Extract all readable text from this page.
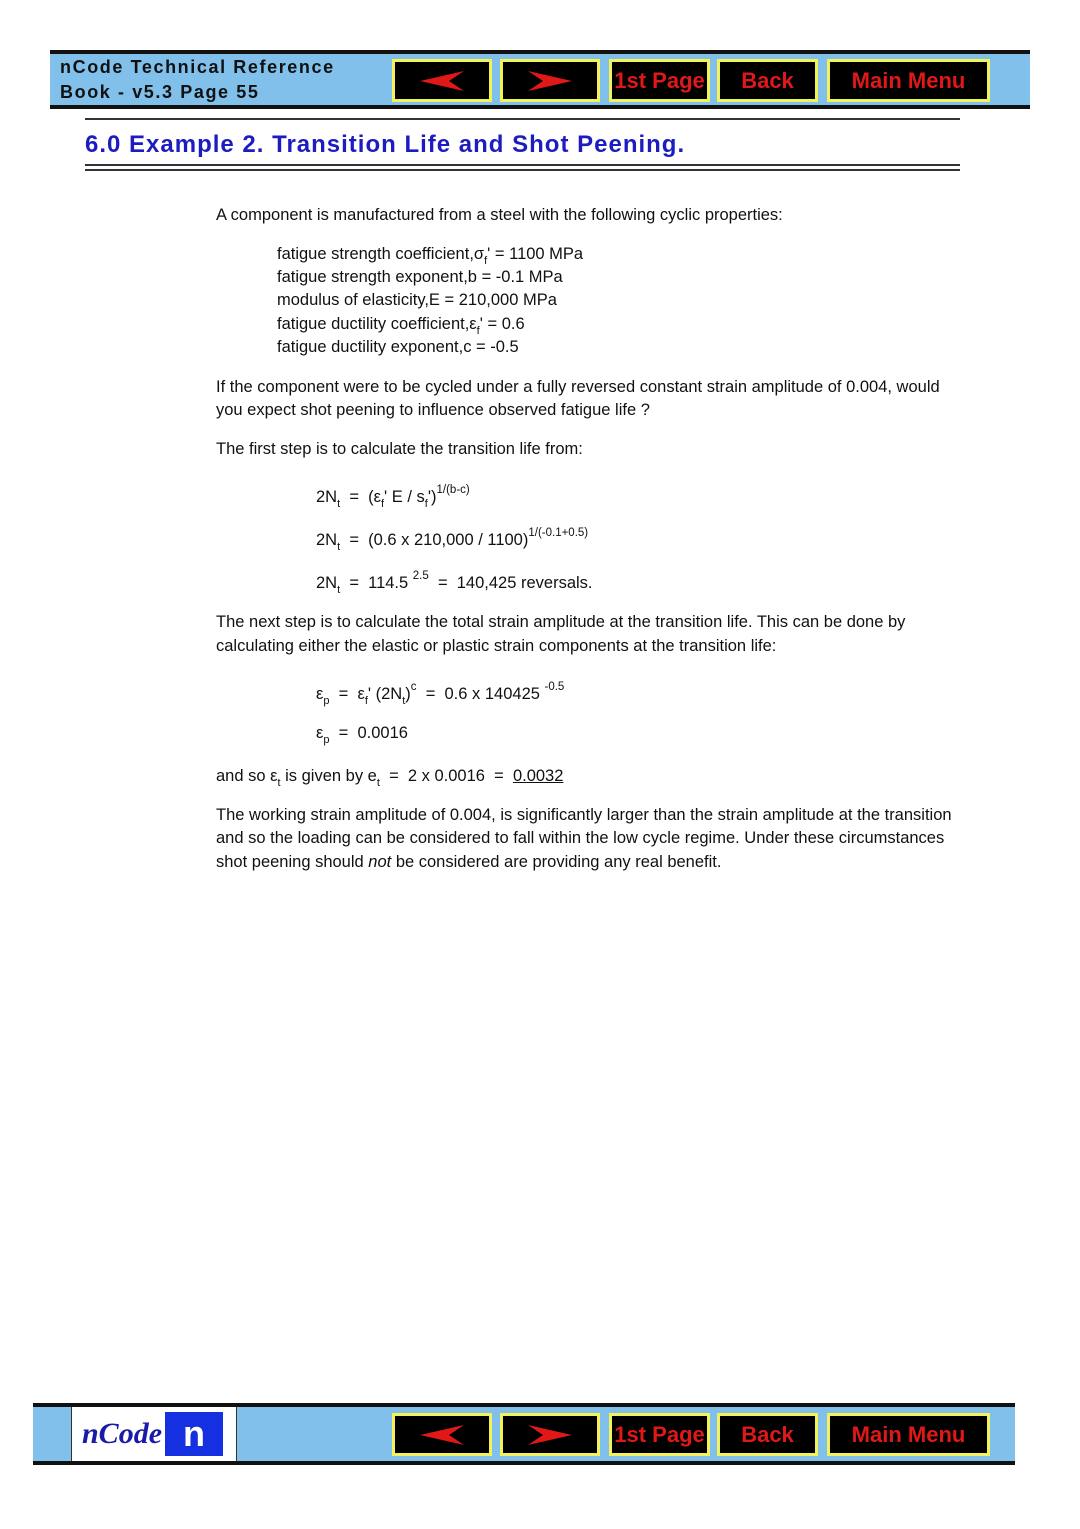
nCode Technical Reference
Book - v5.3 Page 55	1st Page	Back	Main Menu
6.0 Example 2. Transition Life and Shot Peening.
A component is manufactured from a steel with the following cyclic properties:
fatigue strength $coefficient,\sigma_f' = 1100$ MPa
fatigue strength exponent,b = -0.1 MPa
modulus of elasticity,E = 210,000 MPa
fatigue ductility $coefficient,\varepsilon_f' = 0.6$
fatigue ductility exponent,c = -0.5
If the component were to be cycled under a fully reversed constant strain amplitude of 0.004, would
you expect shot peening to influence observed fatigue life ?
The first step is to calculate the transition life from:
$2N_t = (\varepsilon_f'$ E / $s_f')^{1/(b-c)}$
$2N_t = (0.6$ x 210,000 / 1100)$^{1/(-0.1+0.5)}$
$2N_t = 114.5$ $^{2.5}$  =  140,425 reversals.
The next step is to calculate the total strain amplitude at the transition life. This can be done by
calculating either the elastic or plastic strain components at the transition life:
$\varepsilon_p = \varepsilon_f'$ $(2N_t)^c = 0.6$ x 140425 $^{-0.5}$
$\varepsilon_p = 0.0016$
and so $\varepsilon_t$ is given by $e_t = 2$ x 0.0016  =  0.0032
The working strain amplitude of 0.004, is significantly larger than the strain amplitude at the transition
and so the loading can be considered to fall within the low cycle regime. Under these circumstances
shot peening should not be considered are providing any real benefit.
nCode n	1st Page	Back	Main Menu
